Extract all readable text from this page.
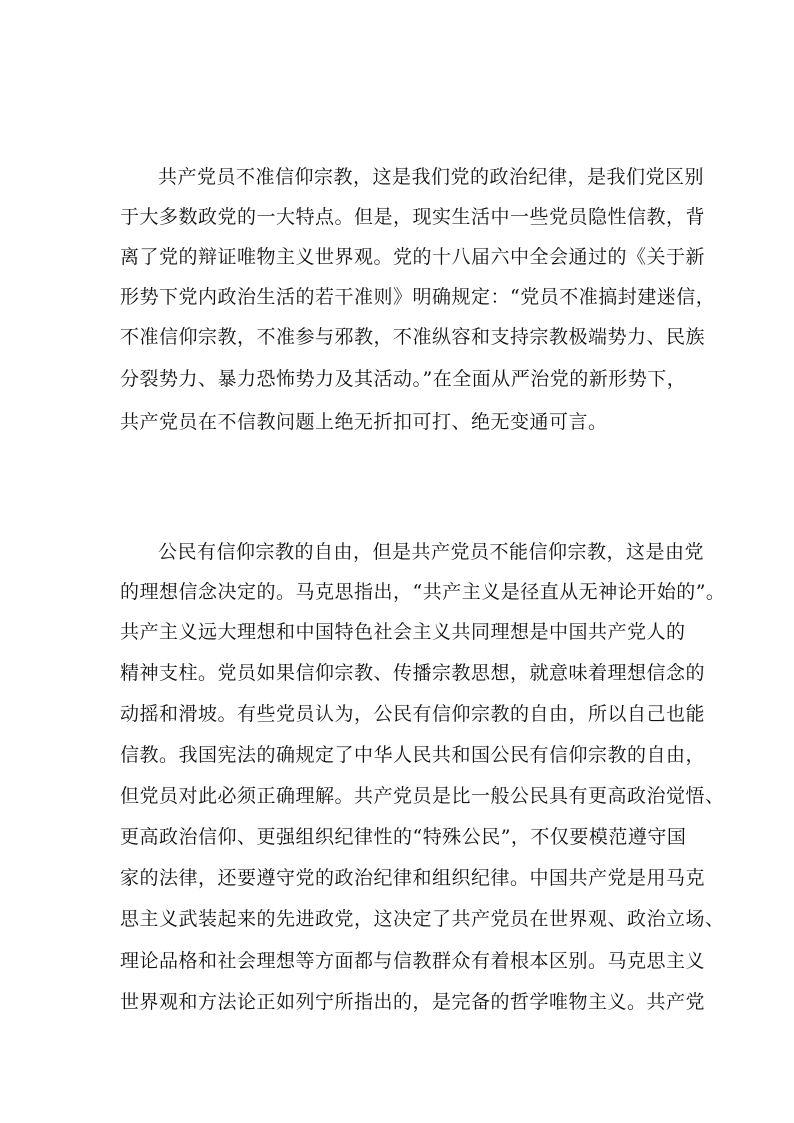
共产党员不准信仰宗教，这是我们党的政治纪律，是我们党区别
于大多数政党的一大特点。但是，现实生活中一些党员隐性信教，背
离了党的辩证唯物主义世界观。党的十八届六中全会通过的《关于新
形势下党内政治生活的若干准则》明确规定：“党员不准搞封建迷信，
不准信仰宗教，不准参与邪教，不准纵容和支持宗教极端势力、民族
分裂势力、暴力恐怖势力及其活动。”在全面从严治党的新形势下，
共产党员在不信教问题上绝无折扣可打、绝无变通可言。
公民有信仰宗教的自由，但是共产党员不能信仰宗教，这是由党
的理想信念决定的。马克思指出，“共产主义是径直从无神论开始的”。
共产主义远大理想和中国特色社会主义共同理想是中国共产党人的
精神支柱。党员如果信仰宗教、传播宗教思想，就意味着理想信念的
动摇和滑坡。有些党员认为，公民有信仰宗教的自由，所以自己也能
信教。我国宪法的确规定了中华人民共和国公民有信仰宗教的自由，
但党员对此必须正确理解。共产党员是比一般公民具有更高政治觉悟、
更高政治信仰、更强组织纪律性的“特殊公民”，不仅要模范遵守国
家的法律，还要遵守党的政治纪律和组织纪律。中国共产党是用马克
思主义武装起来的先进政党，这决定了共产党员在世界观、政治立场、
理论品格和社会理想等方面都与信教群众有着根本区别。马克思主义
世界观和方法论正如列宁所指出的，是完备的哲学唯物主义。共产党
